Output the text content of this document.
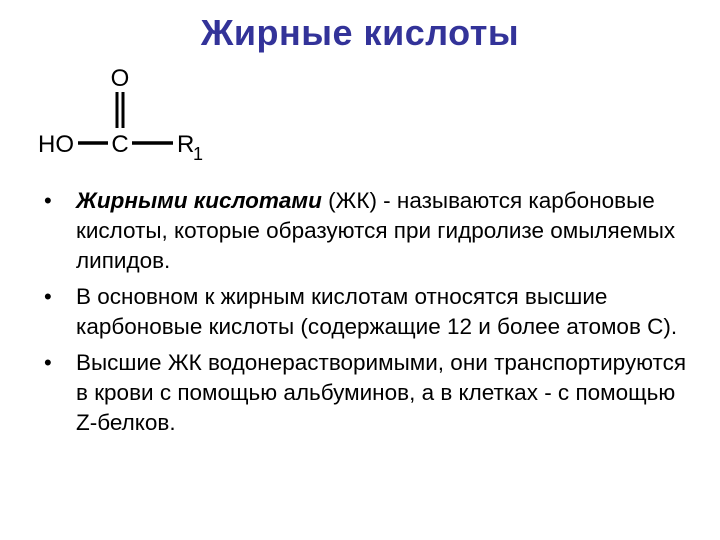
Жирные кислоты
O
HO C R
1
•	Жирными кислотами (ЖК) - называются карбоновые кислоты, которые образуются при гидролизе омыляемых липидов.
•	В основном к жирным кислотам относятся высшие карбоновые кислоты (содержащие 12 и более атомов С).
•	Высшие ЖК водонерастворимыми, они транспортируются в крови с помощью альбуминов, а в клетках - с помощью Z-белков.
